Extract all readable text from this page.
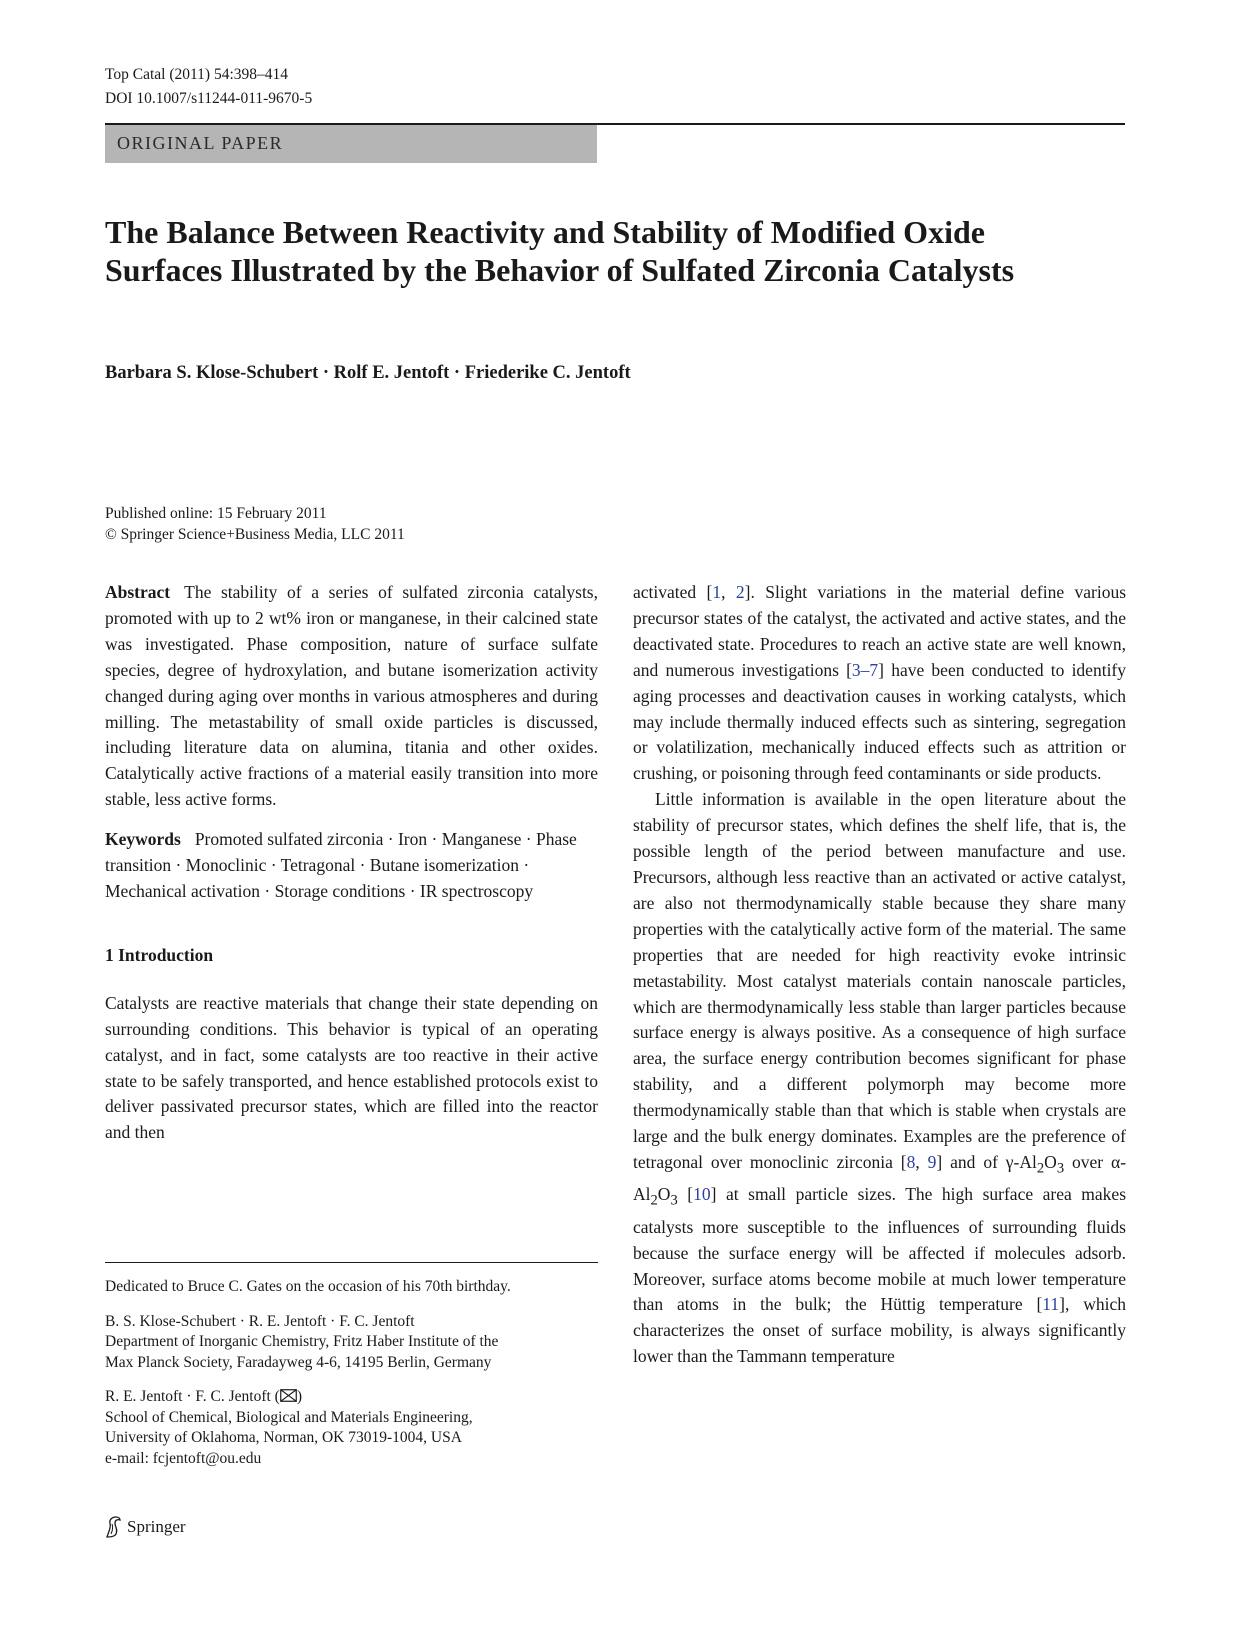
Top Catal (2011) 54:398–414
DOI 10.1007/s11244-011-9670-5
ORIGINAL PAPER
The Balance Between Reactivity and Stability of Modified Oxide Surfaces Illustrated by the Behavior of Sulfated Zirconia Catalysts
Barbara S. Klose-Schubert · Rolf E. Jentoft · Friederike C. Jentoft
Published online: 15 February 2011
© Springer Science+Business Media, LLC 2011

Abstract The stability of a series of sulfated zirconia catalysts, promoted with up to 2 wt% iron or manganese, in their calcined state was investigated. Phase composition, nature of surface sulfate species, degree of hydroxylation, and butane isomerization activity changed during aging over months in various atmospheres and during milling. The metastability of small oxide particles is discussed, including literature data on alumina, titania and other oxides. Catalytically active fractions of a material easily transition into more stable, less active forms.

Keywords Promoted sulfated zirconia · Iron · Manganese · Phase transition · Monoclinic · Tetragonal · Butane isomerization · Mechanical activation · Storage conditions · IR spectroscopy

1 Introduction

Catalysts are reactive materials that change their state depending on surrounding conditions. This behavior is typical of an operating catalyst, and in fact, some catalysts are too reactive in their active state to be safely transported, and hence established protocols exist to deliver passivated precursor states, which are filled into the reactor and then

activated [1, 2]. Slight variations in the material define various precursor states of the catalyst, the activated and active states, and the deactivated state. Procedures to reach an active state are well known, and numerous investigations [3–7] have been conducted to identify aging processes and deactivation causes in working catalysts, which may include thermally induced effects such as sintering, segregation or volatilization, mechanically induced effects such as attrition or crushing, or poisoning through feed contaminants or side products.

Little information is available in the open literature about the stability of precursor states, which defines the shelf life, that is, the possible length of the period between manufacture and use. Precursors, although less reactive than an activated or active catalyst, are also not thermodynamically stable because they share many properties with the catalytically active form of the material. The same properties that are needed for high reactivity evoke intrinsic metastability. Most catalyst materials contain nanoscale particles, which are thermodynamically less stable than larger particles because surface energy is always positive. As a consequence of high surface area, the surface energy contribution becomes significant for phase stability, and a different polymorph may become more thermodynamically stable than that which is stable when crystals are large and the bulk energy dominates. Examples are the preference of tetragonal over monoclinic zirconia [8, 9] and of $\gamma-Al_2O_3$ over $\alpha-Al_2O_3$ [10] at small particle sizes. The high surface area makes catalysts more susceptible to the influences of surrounding fluids because the surface energy will be affected if molecules adsorb. Moreover, surface atoms become mobile at much lower temperature than atoms in the bulk; the Hüttig temperature [11], which characterizes the onset of surface mobility, is always significantly lower than the Tammann temperature

Dedicated to Bruce C. Gates on the occasion of his 70th birthday.
B. S. Klose-Schubert · R. E. Jentoft · F. C. Jentoft
Department of Inorganic Chemistry, Fritz Haber Institute of the
Max Planck Society, Faradayweg 4-6, 14195 Berlin, Germany
R. E. Jentoft · F. C. Jentoft ( )
School of Chemical, Biological and Materials Engineering,
University of Oklahoma, Norman, OK 73019-1004, USA
e-mail: fcjentoft@ou.edu
Springer
